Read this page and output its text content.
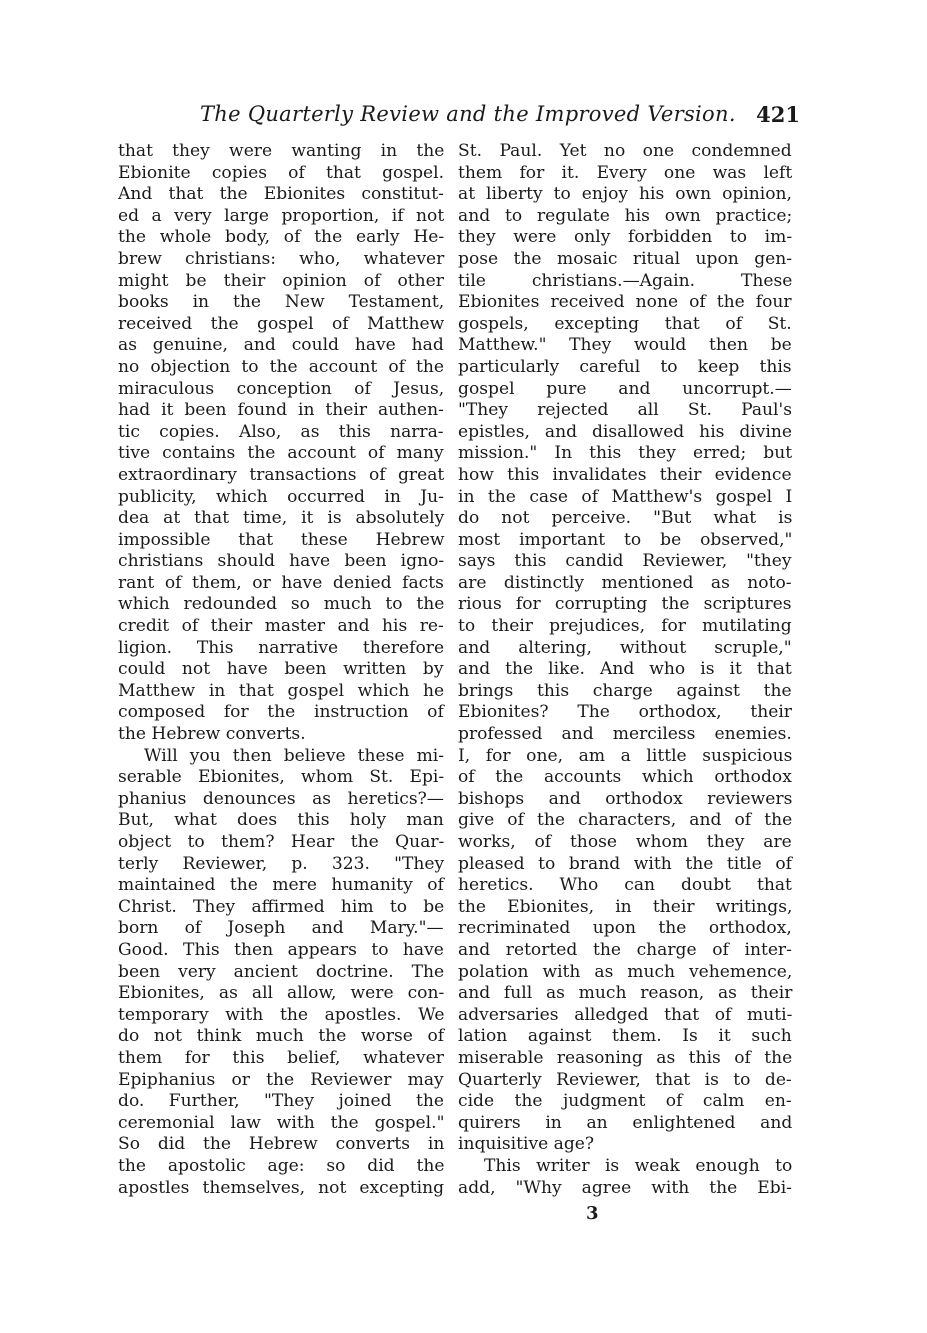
The Quarterly Review and the Improved Version. 421
that they were wanting in the
Ebionite copies of that gospel.
And that the Ebionites constitut-
ed a very large proportion, if not
the whole body, of the early He-
brew christians: who, whatever
might be their opinion of other
books in the New Testament,
received the gospel of Matthew
as genuine, and could have had
no objection to the account of the
miraculous conception of Jesus,
had it been found in their authen-
tic copies. Also, as this narra-
tive contains the account of many
extraordinary transactions of great
publicity, which occurred in Ju-
dea at that time, it is absolutely
impossible that these Hebrew
christians should have been igno-
rant of them, or have denied facts
which redounded so much to the
credit of their master and his re-
ligion. This narrative therefore
could not have been written by
Matthew in that gospel which he
composed for the instruction of
the Hebrew converts.
Will you then believe these mi-
serable Ebionites, whom St. Epi-
phanius denounces as heretics?—
But, what does this holy man
object to them? Hear the Quar-
terly Reviewer, p. 323. "They
maintained the mere humanity of
Christ. They affirmed him to be
born of Joseph and Mary."—
Good. This then appears to have
been very ancient doctrine. The
Ebionites, as all allow, were con-
temporary with the apostles. We
do not think much the worse of
them for this belief, whatever
Epiphanius or the Reviewer may
do. Further, "They joined the
ceremonial law with the gospel."
So did the Hebrew converts in
the apostolic age: so did the
apostles themselves, not excepting
St. Paul. Yet no one condemned
them for it. Every one was left
at liberty to enjoy his own opinion,
and to regulate his own practice;
they were only forbidden to im-
pose the mosaic ritual upon gen-
tile christians.—Again. These
Ebionites received none of the four
gospels, excepting that of St.
Matthew." They would then be
particularly careful to keep this
gospel pure and uncorrupt.—
"They rejected all St. Paul's
epistles, and disallowed his divine
mission." In this they erred; but
how this invalidates their evidence
in the case of Matthew's gospel I
do not perceive. "But what is
most important to be observed,"
says this candid Reviewer, "they
are distinctly mentioned as noto-
rious for corrupting the scriptures
to their prejudices, for mutilating
and altering, without scruple,"
and the like. And who is it that
brings this charge against the
Ebionites? The orthodox, their
professed and merciless enemies.
I, for one, am a little suspicious
of the accounts which orthodox
bishops and orthodox reviewers
give of the characters, and of the
works, of those whom they are
pleased to brand with the title of
heretics. Who can doubt that
the Ebionites, in their writings,
recriminated upon the orthodox,
and retorted the charge of inter-
polation with as much vehemence,
and full as much reason, as their
adversaries alledged that of muti-
lation against them. Is it such
miserable reasoning as this of the
Quarterly Reviewer, that is to de-
cide the judgment of calm en-
quirers in an enlightened and
inquisitive age?
This writer is weak enough to
add, "Why agree with the Ebi-
3
